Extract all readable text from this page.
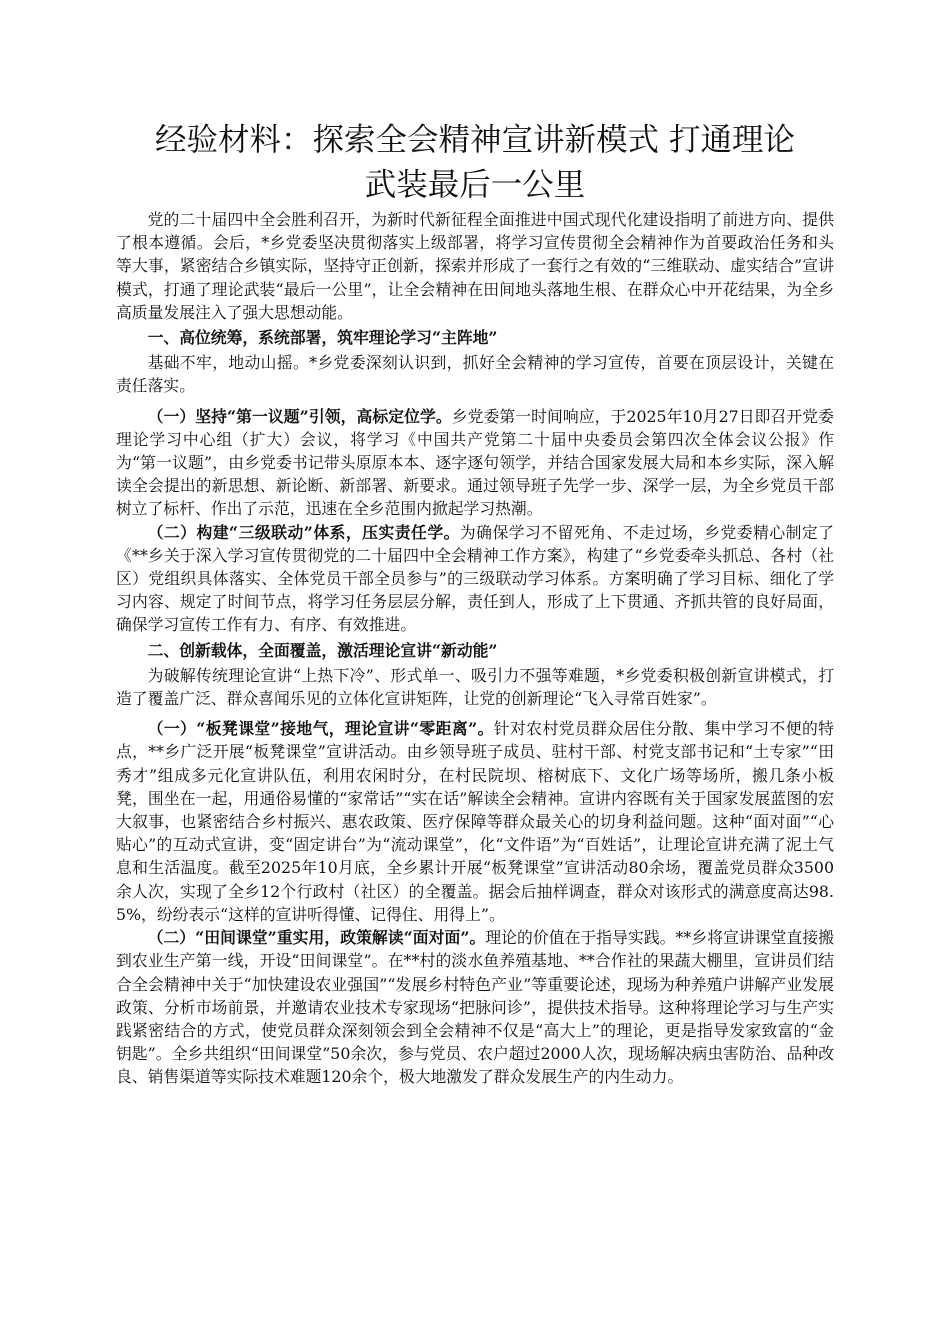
经验材料：探索全会精神宣讲新模式 打通理论
武装最后一公里

党的二十届四中全会胜利召开，为新时代新征程全面推进中国式现代化建设指明了前进方向、提供了根本遵循。会后，*乡党委坚决贯彻落实上级部署，将学习宣传贯彻全会精神作为首要政治任务和头等大事，紧密结合乡镇实际，坚持守正创新，探索并形成了一套行之有效的“三维联动、虚实结合”宣讲模式，打通了理论武装“最后一公里”，让全会精神在田间地头落地生根、在群众心中开花结果，为全乡高质量发展注入了强大思想动能。

一、高位统筹，系统部署，筑牢理论学习“主阵地”

基础不牢，地动山摇。*乡党委深刻认识到，抓好全会精神的学习宣传，首要在顶层设计，关键在责任落实。

（一）坚持“第一议题”引领，高标定位学。乡党委第一时间响应，于2025年10月27日即召开党委理论学习中心组（扩大）会议，将学习《中国共产党第二十届中央委员会第四次全体会议公报》作为“第一议题”，由乡党委书记带头原原本本、逐字逐句领学，并结合国家发展大局和本乡实际，深入解读全会提出的新思想、新论断、新部署、新要求。通过领导班子先学一步、深学一层，为全乡党员干部树立了标杆、作出了示范，迅速在全乡范围内掀起学习热潮。

（二）构建“三级联动”体系，压实责任学。为确保学习不留死角、不走过场，乡党委精心制定了《**乡关于深入学习宣传贯彻党的二十届四中全会精神工作方案》，构建了“乡党委牵头抓总、各村（社区）党组织具体落实、全体党员干部全员参与”的三级联动学习体系。方案明确了学习目标、细化了学习内容、规定了时间节点，将学习任务层层分解，责任到人，形成了上下贯通、齐抓共管的良好局面，确保学习宣传工作有力、有序、有效推进。

二、创新载体，全面覆盖，激活理论宣讲“新动能”

为破解传统理论宣讲“上热下冷”、形式单一、吸引力不强等难题，*乡党委积极创新宣讲模式，打造了覆盖广泛、群众喜闻乐见的立体化宣讲矩阵，让党的创新理论“飞入寻常百姓家”。

（一）“板凳课堂”接地气，理论宣讲“零距离”。针对农村党员群众居住分散、集中学习不便的特点，**乡广泛开展“板凳课堂”宣讲活动。由乡领导班子成员、驻村干部、村党支部书记和“土专家”“田秀才”组成多元化宣讲队伍，利用农闲时分，在村民院坝、榕树底下、文化广场等场所，搬几条小板凳，围坐在一起，用通俗易懂的“家常话”“实在话”解读全会精神。宣讲内容既有关于国家发展蓝图的宏大叙事，也紧密结合乡村振兴、惠农政策、医疗保障等群众最关心的切身利益问题。这种“面对面”“心贴心”的互动式宣讲，变“固定讲台”为“流动课堂”，化“文件语”为“百姓话”，让理论宣讲充满了泥土气息和生活温度。截至2025年10月底，全乡累计开展“板凳课堂”宣讲活动80余场，覆盖党员群众3500余人次，实现了全乡12个行政村（社区）的全覆盖。据会后抽样调查，群众对该形式的满意度高达98.5%，纷纷表示“这样的宣讲听得懂、记得住、用得上”。

（二）“田间课堂”重实用，政策解读“面对面”。理论的价值在于指导实践。**乡将宣讲课堂直接搬到农业生产第一线，开设“田间课堂”。在**村的淡水鱼养殖基地、**合作社的果蔬大棚里，宣讲员们结合全会精神中关于“加快建设农业强国”“发展乡村特色产业”等重要论述，现场为种养殖户讲解产业发展政策、分析市场前景，并邀请农业技术专家现场“把脉问诊”，提供技术指导。这种将理论学习与生产实践紧密结合的方式，使党员群众深刻领会到全会精神不仅是“高大上”的理论，更是指导发家致富的“金钥匙”。全乡共组织“田间课堂”50余次，参与党员、农户超过2000人次，现场解决病虫害防治、品种改良、销售渠道等实际技术难题120余个，极大地激发了群众发展生产的内生动力。
